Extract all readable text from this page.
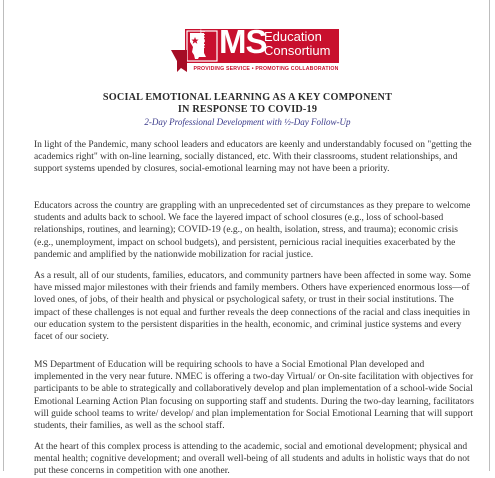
NORTH MS
Education
Consortium
PROVIDING SERVICE • PROMOTING COLLABORATION
SOCIAL EMOTIONAL LEARNING AS A KEY COMPONENT
IN RESPONSE TO COVID-19
2-Day Professional Development with ½-Day Follow-Up

In light of the Pandemic, many school leaders and educators are keenly and understandably focused on "getting the academics right" with on-line learning, socially distanced, etc. With their classrooms, student relationships, and support systems upended by closures, social-emotional learning may not have been a priority.

Educators across the country are grappling with an unprecedented set of circumstances as they prepare to welcome students and adults back to school. We face the layered impact of school closures (e.g., loss of school-based relationships, routines, and learning); COVID-19 (e.g., on health, isolation, stress, and trauma); economic crisis (e.g., unemployment, impact on school budgets), and persistent, pernicious racial inequities exacerbated by the pandemic and amplified by the nationwide mobilization for racial justice.

As a result, all of our students, families, educators, and community partners have been affected in some way. Some have missed major milestones with their friends and family members. Others have experienced enormous loss—of loved ones, of jobs, of their health and physical or psychological safety, or trust in their social institutions. The impact of these challenges is not equal and further reveals the deep connections of the racial and class inequities in our education system to the persistent disparities in the health, economic, and criminal justice systems and every facet of our society.

MS Department of Education will be requiring schools to have a Social Emotional Plan developed and implemented in the very near future. NMEC is offering a two-day Virtual/ or On-site facilitation with objectives for participants to be able to strategically and collaboratively develop and plan implementation of a school-wide Social Emotional Learning Action Plan focusing on supporting staff and students. During the two-day learning, facilitators will guide school teams to write/ develop/ and plan implementation for Social Emotional Learning that will support students, their families, as well as the school staff.

At the heart of this complex process is attending to the academic, social and emotional development; physical and mental health; cognitive development; and overall well-being of all students and adults in holistic ways that do not put these concerns in competition with one another.
